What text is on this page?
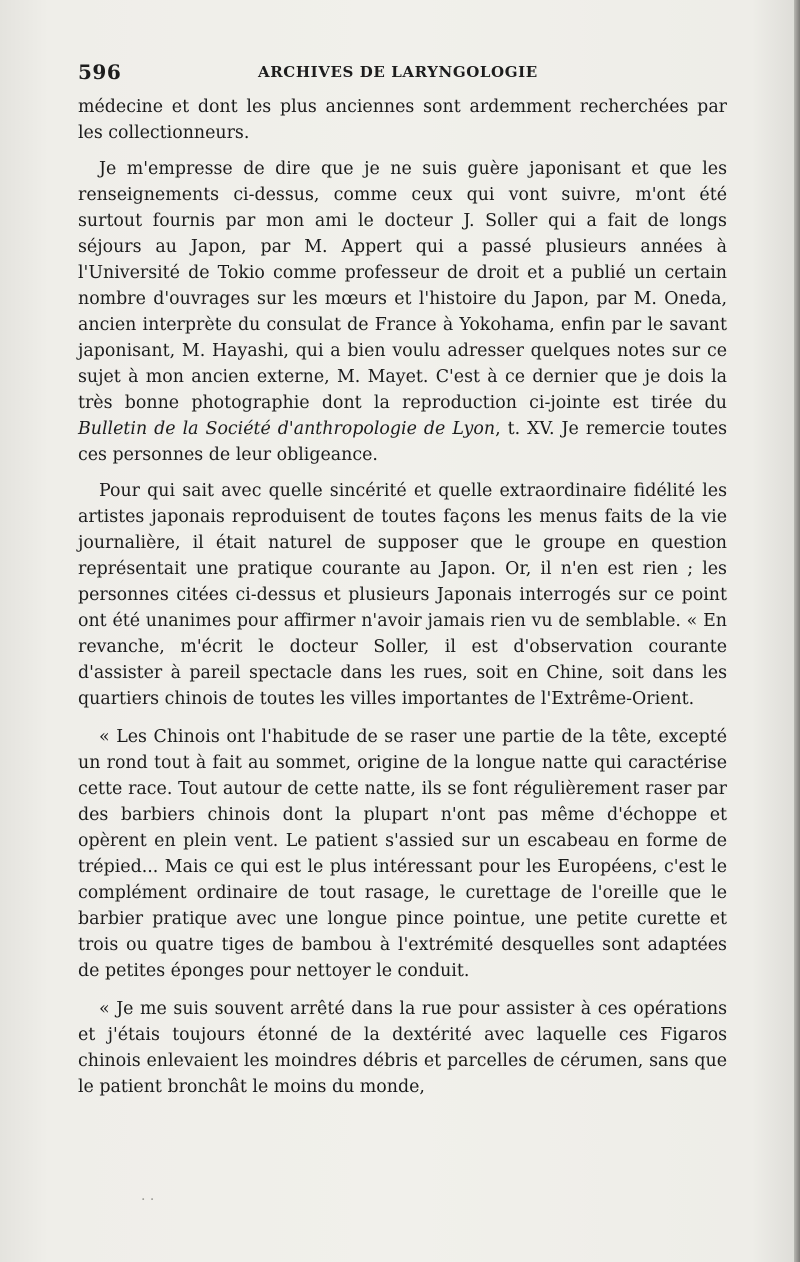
596	ARCHIVES DE LARYNGOLOGIE

médecine et dont les plus anciennes sont ardemment recherchées par les collectionneurs.

Je m'empresse de dire que je ne suis guère japonisant et que les renseignements ci-dessus, comme ceux qui vont suivre, m'ont été surtout fournis par mon ami le docteur J. Soller qui a fait de longs séjours au Japon, par M. Appert qui a passé plusieurs années à l'Université de Tokio comme professeur de droit et a publié un certain nombre d'ouvrages sur les mœurs et l'histoire du Japon, par M. Oneda, ancien interprète du consulat de France à Yokohama, enfin par le savant japonisant, M. Hayashi, qui a bien voulu adresser quelques notes sur ce sujet à mon ancien externe, M. Mayet. C'est à ce dernier que je dois la très bonne photographie dont la reproduction ci-jointe est tirée du Bulletin de la Société d'anthropologie de Lyon, t. XV. Je remercie toutes ces personnes de leur obligeance.

Pour qui sait avec quelle sincérité et quelle extraordinaire fidélité les artistes japonais reproduisent de toutes façons les menus faits de la vie journalière, il était naturel de supposer que le groupe en question représentait une pratique courante au Japon. Or, il n'en est rien ; les personnes citées ci-dessus et plusieurs Japonais interrogés sur ce point ont été unanimes pour affirmer n'avoir jamais rien vu de semblable. « En revanche, m'écrit le docteur Soller, il est d'observation courante d'assister à pareil spectacle dans les rues, soit en Chine, soit dans les quartiers chinois de toutes les villes importantes de l'Extrême-Orient.

« Les Chinois ont l'habitude de se raser une partie de la tête, excepté un rond tout à fait au sommet, origine de la longue natte qui caractérise cette race. Tout autour de cette natte, ils se font régulièrement raser par des barbiers chinois dont la plupart n'ont pas même d'échoppe et opèrent en plein vent. Le patient s'assied sur un escabeau en forme de trépied... Mais ce qui est le plus intéressant pour les Européens, c'est le complément ordinaire de tout rasage, le curettage de l'oreille que le barbier pratique avec une longue pince pointue, une petite curette et trois ou quatre tiges de bambou à l'extrémité desquelles sont adaptées de petites éponges pour nettoyer le conduit.

« Je me suis souvent arrêté dans la rue pour assister à ces opérations et j'étais toujours étonné de la dextérité avec laquelle ces Figaros chinois enlevaient les moindres débris et parcelles de cérumen, sans que le patient bronchât le moins du monde,

· ·
